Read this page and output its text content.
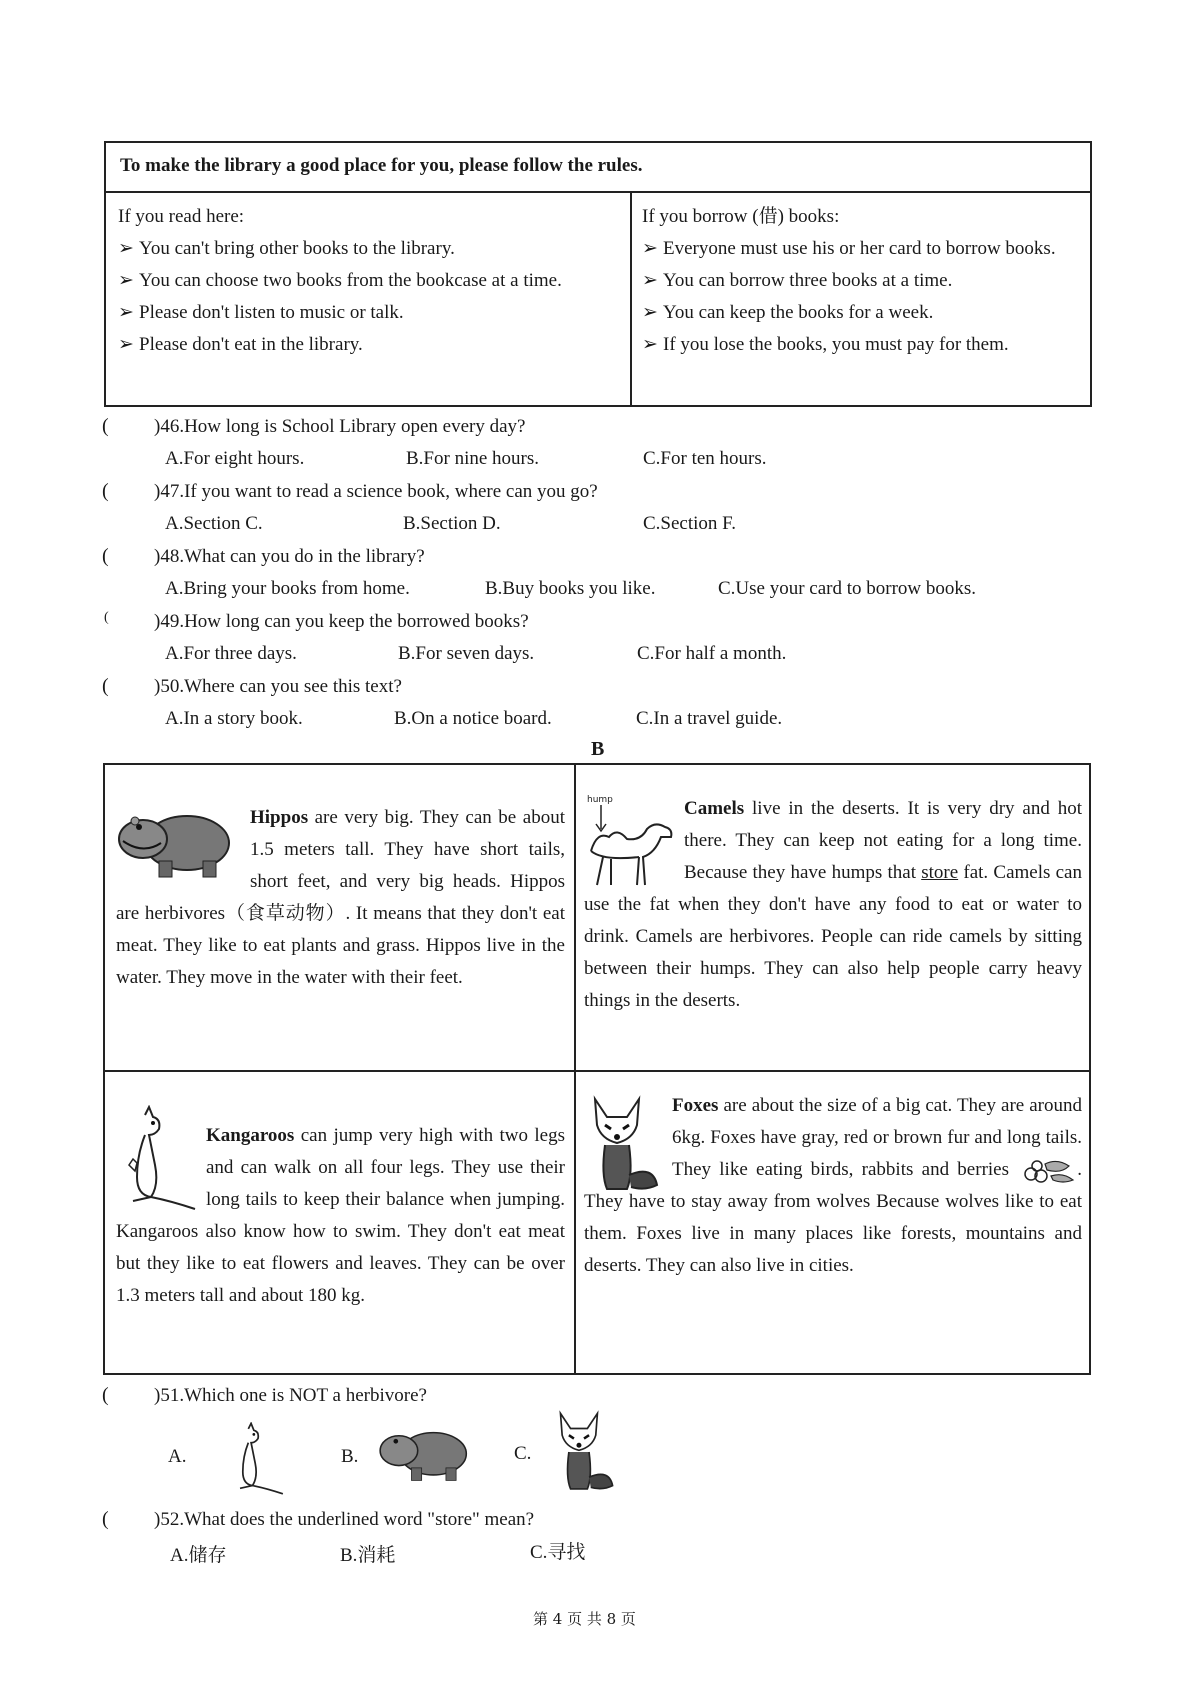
To make the library a good place for you, please follow the rules.
If you read here:
➢ You can't bring other books to the library.
➢ You can choose two books from the bookcase at a time.
➢ Please don't listen to music or talk.
➢ Please don't eat in the library.
If you borrow (借) books:
➢ Everyone must use his or her card to borrow books.
➢ You can borrow three books at a time.
➢ You can keep the books for a week.
➢ If you lose the books, you must pay for them.
( )46.How long is School Library open every day?
A.For eight hours.	B.For nine hours.	C.For ten hours.
( )47.If you want to read a science book, where can you go?
A.Section C.	B.Section D.	C.Section F.
( )48.What can you do in the library?
A.Bring your books from home.	B.Buy books you like.	C.Use your card to borrow books.
( )49.How long can you keep the borrowed books?
A.For three days.	B.For seven days.	C.For half a month.
( )50.Where can you see this text?
A.In a story book.	B.On a notice board.	C.In a travel guide.
B
Hippos are very big. They can be about 1.5 meters tall. They have short tails, short feet, and very big heads. Hippos are herbivores（食草动物）. It means that they don't eat meat. They like to eat plants and grass. Hippos live in the water. They move in the water with their feet.
hump	Camels live in the deserts. It is very dry and hot there. They can keep not eating for a long time. Because they have humps that store fat. Camels can use the fat when they don't have any food to eat or water to drink. Camels are herbivores. People can ride camels by sitting between their humps. They can also help people carry heavy things in the deserts.
Kangaroos can jump very high with two legs and can walk on all four legs. They use their long tails to keep their balance when jumping. Kangaroos also know how to swim. They don't eat meat but they like to eat flowers and leaves. They can be over 1.3 meters tall and about 180 kg.
Foxes are about the size of a big cat. They are around 6kg. Foxes have gray, red or brown fur and long tails. They like eating birds, rabbits and berries	. They have to stay away from wolves Because wolves like to eat them. Foxes live in many places like forests, mountains and deserts. They can also live in cities.
( )51.Which one is NOT a herbivore?
A.	B.	C.
( )52.What does the underlined word "store" mean?
A.储存	B.消耗	C.寻找
第 4 页 共 8 页
